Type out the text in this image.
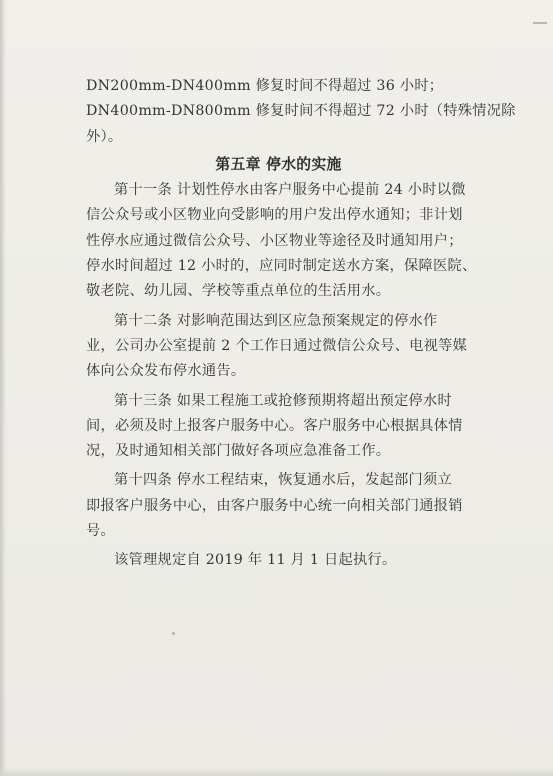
DN200mm-DN400mm 修复时间不得超过 36 小时；
DN400mm-DN800mm 修复时间不得超过 72 小时（特殊情况除
外）。
第五章 停水的实施
第十一条 计划性停水由客户服务中心提前 24 小时以微
信公众号或小区物业向受影响的用户发出停水通知；非计划
性停水应通过微信公众号、小区物业等途径及时通知用户；
停水时间超过 12 小时的，应同时制定送水方案，保障医院、
敬老院、幼儿园、学校等重点单位的生活用水。
第十二条 对影响范围达到区应急预案规定的停水作
业，公司办公室提前 2 个工作日通过微信公众号、电视等媒
体向公众发布停水通告。
第十三条 如果工程施工或抢修预期将超出预定停水时
间，必须及时上报客户服务中心。客户服务中心根据具体情
况，及时通知相关部门做好各项应急准备工作。
第十四条 停水工程结束，恢复通水后，发起部门须立
即报客户服务中心，由客户服务中心统一向相关部门通报销
号。
该管理规定自 2019 年 11 月 1 日起执行。
